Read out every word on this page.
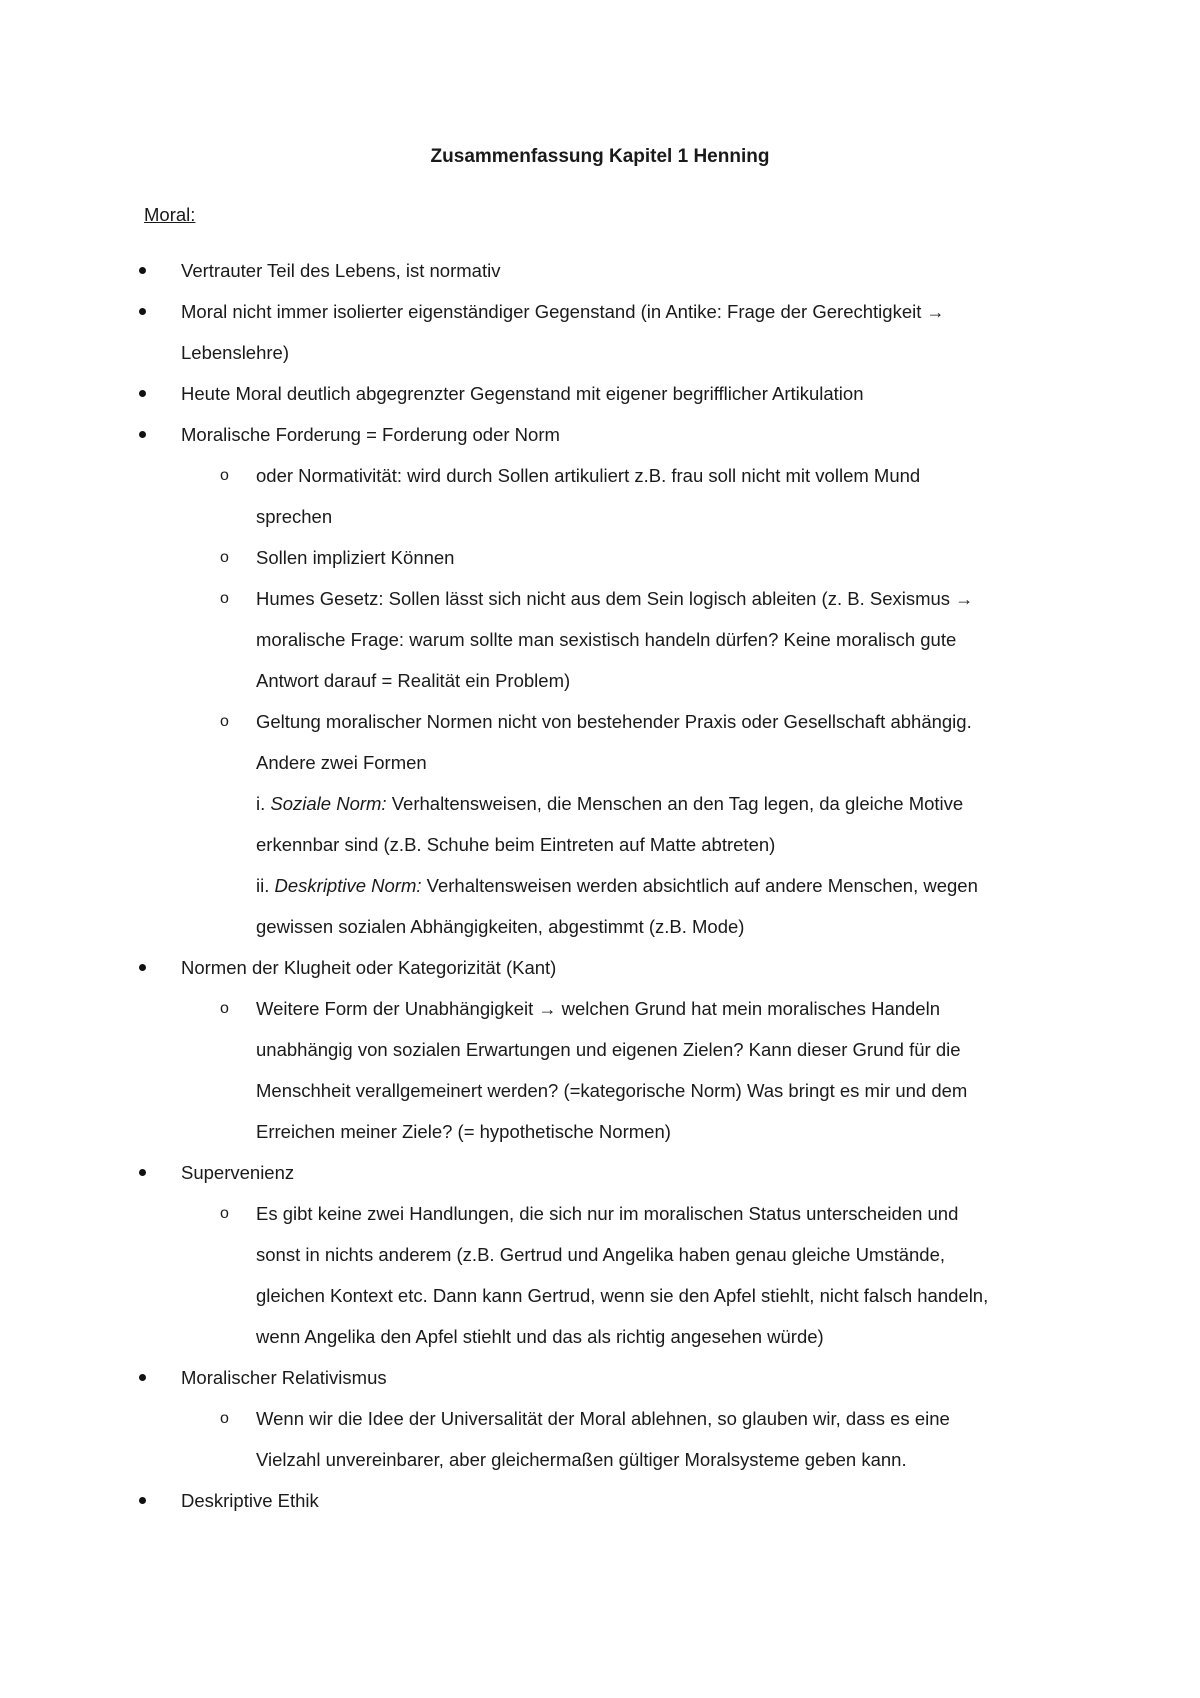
Zusammenfassung Kapitel 1 Henning
Moral:
Vertrauter Teil des Lebens, ist normativ
Moral nicht immer isolierter eigenständiger Gegenstand (in Antike: Frage der Gerechtigkeit →
Lebenslehre)
Heute Moral deutlich abgegrenzter Gegenstand mit eigener begrifflicher Artikulation
Moralische Forderung = Forderung oder Norm
o oder Normativität: wird durch Sollen artikuliert z.B. frau soll nicht mit vollem Mund
sprechen
o Sollen impliziert Können
o Humes Gesetz: Sollen lässt sich nicht aus dem Sein logisch ableiten (z. B. Sexismus →
moralische Frage: warum sollte man sexistisch handeln dürfen? Keine moralisch gute
Antwort darauf = Realität ein Problem)
o Geltung moralischer Normen nicht von bestehender Praxis oder Gesellschaft abhängig.
Andere zwei Formen
i. Soziale Norm: Verhaltensweisen, die Menschen an den Tag legen, da gleiche Motive
erkennbar sind (z.B. Schuhe beim Eintreten auf Matte abtreten)
ii. Deskriptive Norm: Verhaltensweisen werden absichtlich auf andere Menschen, wegen
gewissen sozialen Abhängigkeiten, abgestimmt (z.B. Mode)
Normen der Klugheit oder Kategorizität (Kant)
o Weitere Form der Unabhängigkeit → welchen Grund hat mein moralisches Handeln
unabhängig von sozialen Erwartungen und eigenen Zielen? Kann dieser Grund für die
Menschheit verallgemeinert werden? (=kategorische Norm) Was bringt es mir und dem
Erreichen meiner Ziele? (= hypothetische Normen)
Supervenienz
o Es gibt keine zwei Handlungen, die sich nur im moralischen Status unterscheiden und
sonst in nichts anderem (z.B. Gertrud und Angelika haben genau gleiche Umstände,
gleichen Kontext etc. Dann kann Gertrud, wenn sie den Apfel stiehlt, nicht falsch handeln,
wenn Angelika den Apfel stiehlt und das als richtig angesehen würde)
Moralischer Relativismus
o Wenn wir die Idee der Universalität der Moral ablehnen, so glauben wir, dass es eine
Vielzahl unvereinbarer, aber gleichermaßen gültiger Moralsysteme geben kann.
Deskriptive Ethik
